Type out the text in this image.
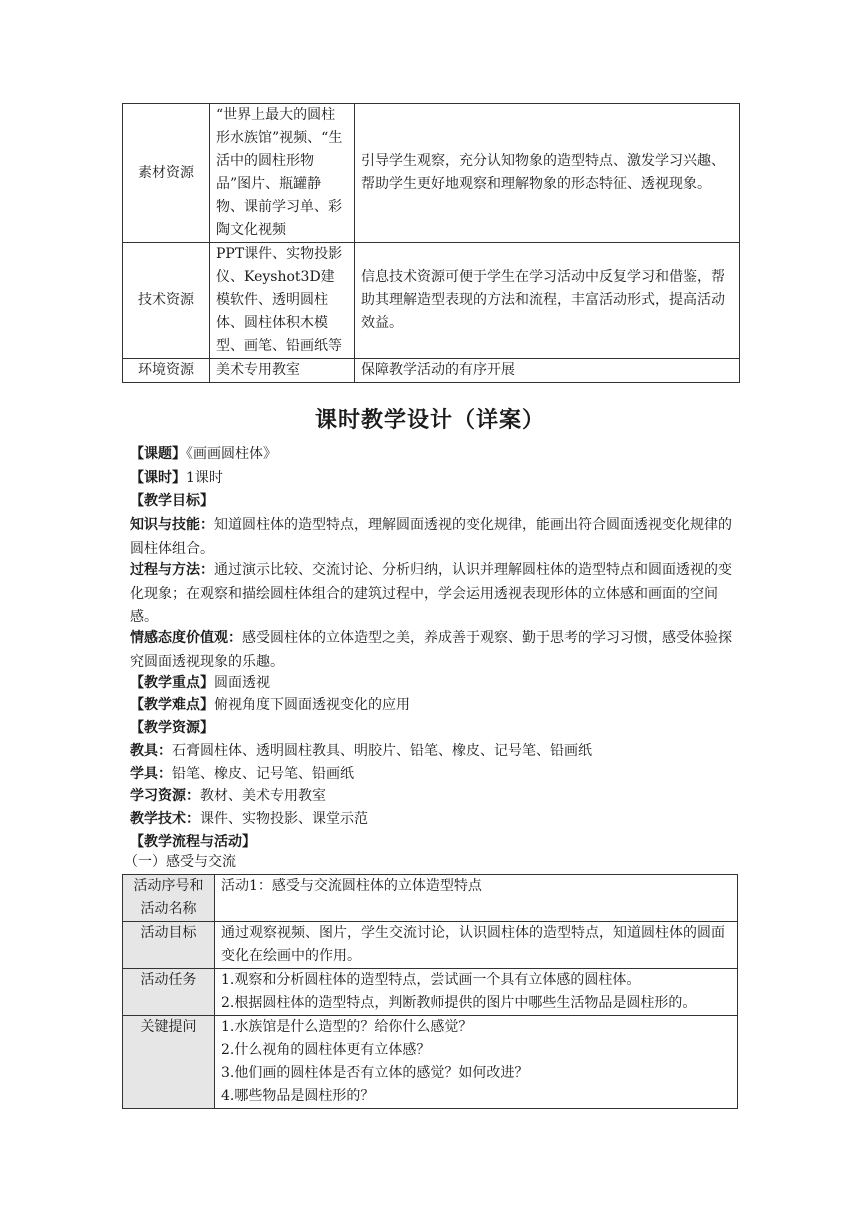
素材资源	“世界上最大的圆柱形水族馆”视频、“生活中的圆柱形物品”图片、瓶罐静物、课前学习单、彩陶文化视频	引导学生观察，充分认知物象的造型特点、激发学习兴趣、帮助学生更好地观察和理解物象的形态特征、透视现象。
技术资源	PPT课件、实物投影仪、Keyshot3D建模软件、透明圆柱体、圆柱体积木模型、画笔、铅画纸等	信息技术资源可便于学生在学习活动中反复学习和借鉴，帮助其理解造型表现的方法和流程，丰富活动形式，提高活动效益。
环境资源	美术专用教室	保障教学活动的有序开展
课时教学设计（详案）
【课题】《画画圆柱体》
【课时】1课时
【教学目标】
知识与技能：知道圆柱体的造型特点，理解圆面透视的变化规律，能画出符合圆面透视变化规律的圆柱体组合。
过程与方法：通过演示比较、交流讨论、分析归纳，认识并理解圆柱体的造型特点和圆面透视的变化现象；在观察和描绘圆柱体组合的建筑过程中，学会运用透视表现形体的立体感和画面的空间感。
情感态度价值观：感受圆柱体的立体造型之美，养成善于观察、勤于思考的学习习惯，感受体验探究圆面透视现象的乐趣。
【教学重点】圆面透视
【教学难点】俯视角度下圆面透视变化的应用
【教学资源】
教具：石膏圆柱体、透明圆柱教具、明胶片、铅笔、橡皮、记号笔、铅画纸
学具：铅笔、橡皮、记号笔、铅画纸
学习资源：教材、美术专用教室
教学技术：课件、实物投影、课堂示范
【教学流程与活动】
（一）感受与交流
活动序号和活动名称	活动1：感受与交流圆柱体的立体造型特点
活动目标	通过观察视频、图片，学生交流讨论，认识圆柱体的造型特点，知道圆柱体的圆面变化在绘画中的作用。
活动任务	1.观察和分析圆柱体的造型特点，尝试画一个具有立体感的圆柱体。
2.根据圆柱体的造型特点，判断教师提供的图片中哪些生活物品是圆柱形的。

关键提问	1.水族馆是什么造型的？给你什么感觉？
2.什么视角的圆柱体更有立体感？
3.他们画的圆柱体是否有立体的感觉？如何改进？
4.哪些物品是圆柱形的？
